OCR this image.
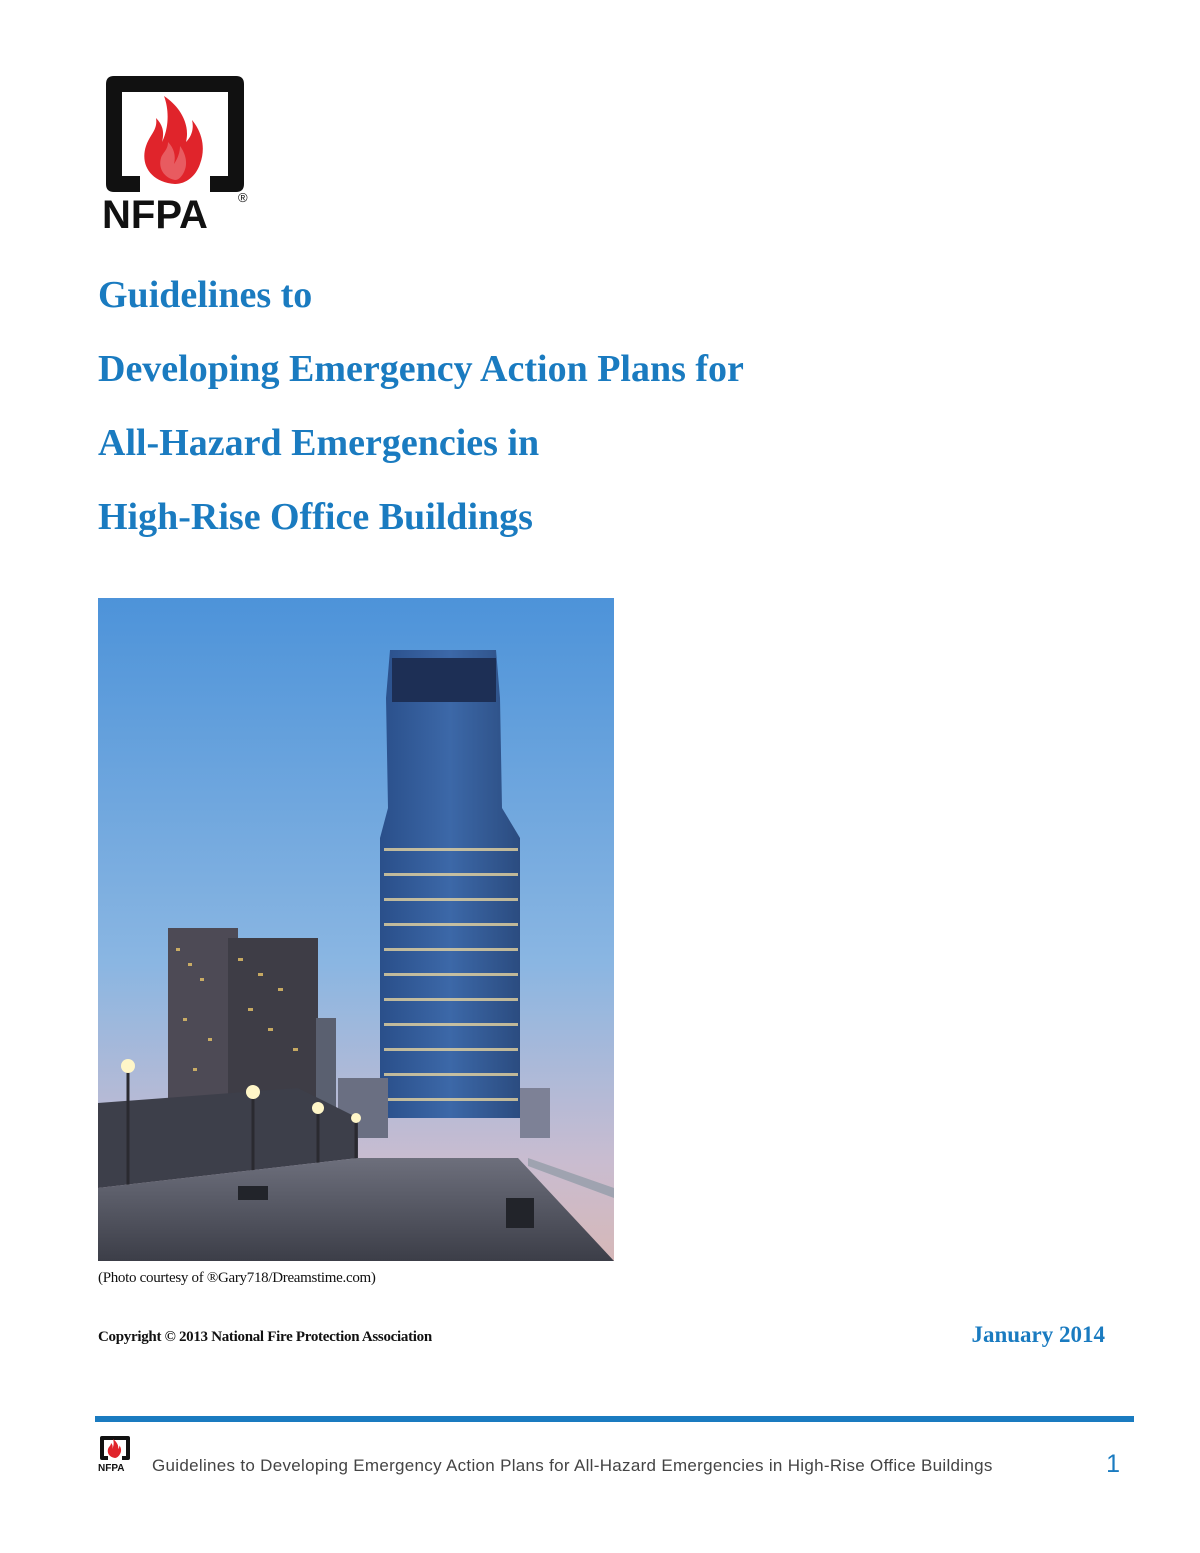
NFPA ®
Guidelines to
Developing Emergency Action Plans for
All-Hazard Emergencies in
High-Rise Office Buildings
(Photo courtesy of ®Gary718/Dreamstime.com)
Copyright © 2013 National Fire Protection Association	January 2014
NFPA Guidelines to Developing Emergency Action Plans for All-Hazard Emergencies in High-Rise Office Buildings	1
